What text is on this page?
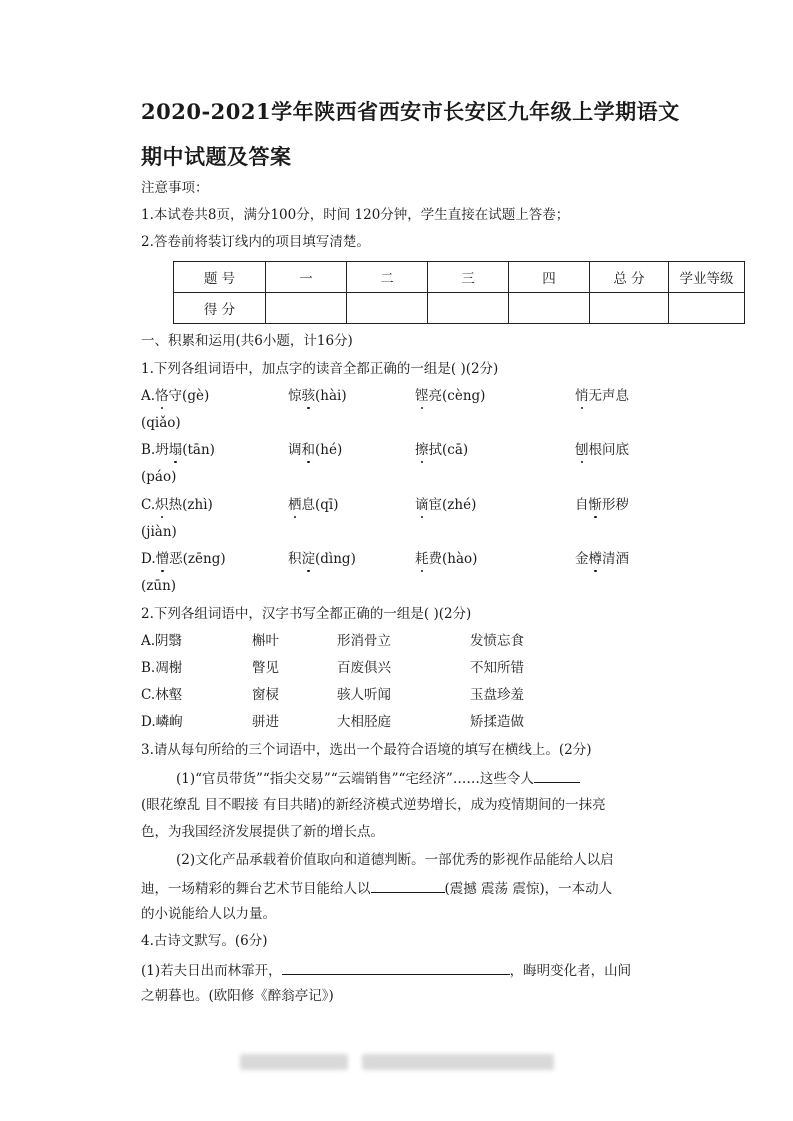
2020-2021学年陕西省西安市长安区九年级上学期语文
期中试题及答案
注意事项：
1.本试卷共8页，满分100分，时间 120分钟，学生直接在试题上答卷；
2.答卷前将装订线内的项目填写清楚。
题 号	一	二	三	四	总 分	学业等级
得 分						
一、积累和运用(共6小题，计16分)
1.下列各组词语中，加点字的读音全都正确的一组是( )(2分)
A.恪守(gè)	惊骇(hài)	铿亮(cèng)	悄无声息
(qiǎo)
B.坍塌(tān)	调和(hé)	擦拭(cā)	刨根问底
(páo)
C.炽热(zhì)	栖息(qī)	谪宦(zhé)	自惭形秽
(jiàn)
D.憎恶(zēng)	积淀(dìng)	耗费(hào)	金樽清酒
(zūn)
2.下列各组词语中，汉字书写全都正确的一组是( )(2分)
A.阴翳	槲叶	形消骨立	发愤忘食
B.凋榭	瞥见	百废俱兴	不知所错
C.林壑	窗棂	骇人听闻	玉盘珍羞
D.嶙峋	骈进	大相胫庭	矫揉造做
3.请从每句所给的三个词语中，选出一个最符合语境的填写在横线上。(2分)
(1)“官员带货”“指尖交易”“云端销售”“宅经济”……这些令人
(眼花缭乱 目不暇接 有目共睹)的新经济模式逆势增长，成为疫情期间的一抹亮
色，为我国经济发展提供了新的增长点。
(2)文化产品承载着价值取向和道德判断。一部优秀的影视作品能给人以启
迪，一场精彩的舞台艺术节目能给人以	(震撼 震荡 震惊)，一本动人
的小说能给人以力量。
4.古诗文默写。(6分)
(1)若夫日出而林霏开，	，晦明变化者，山间
之朝暮也。(欧阳修《醉翁亭记》)
